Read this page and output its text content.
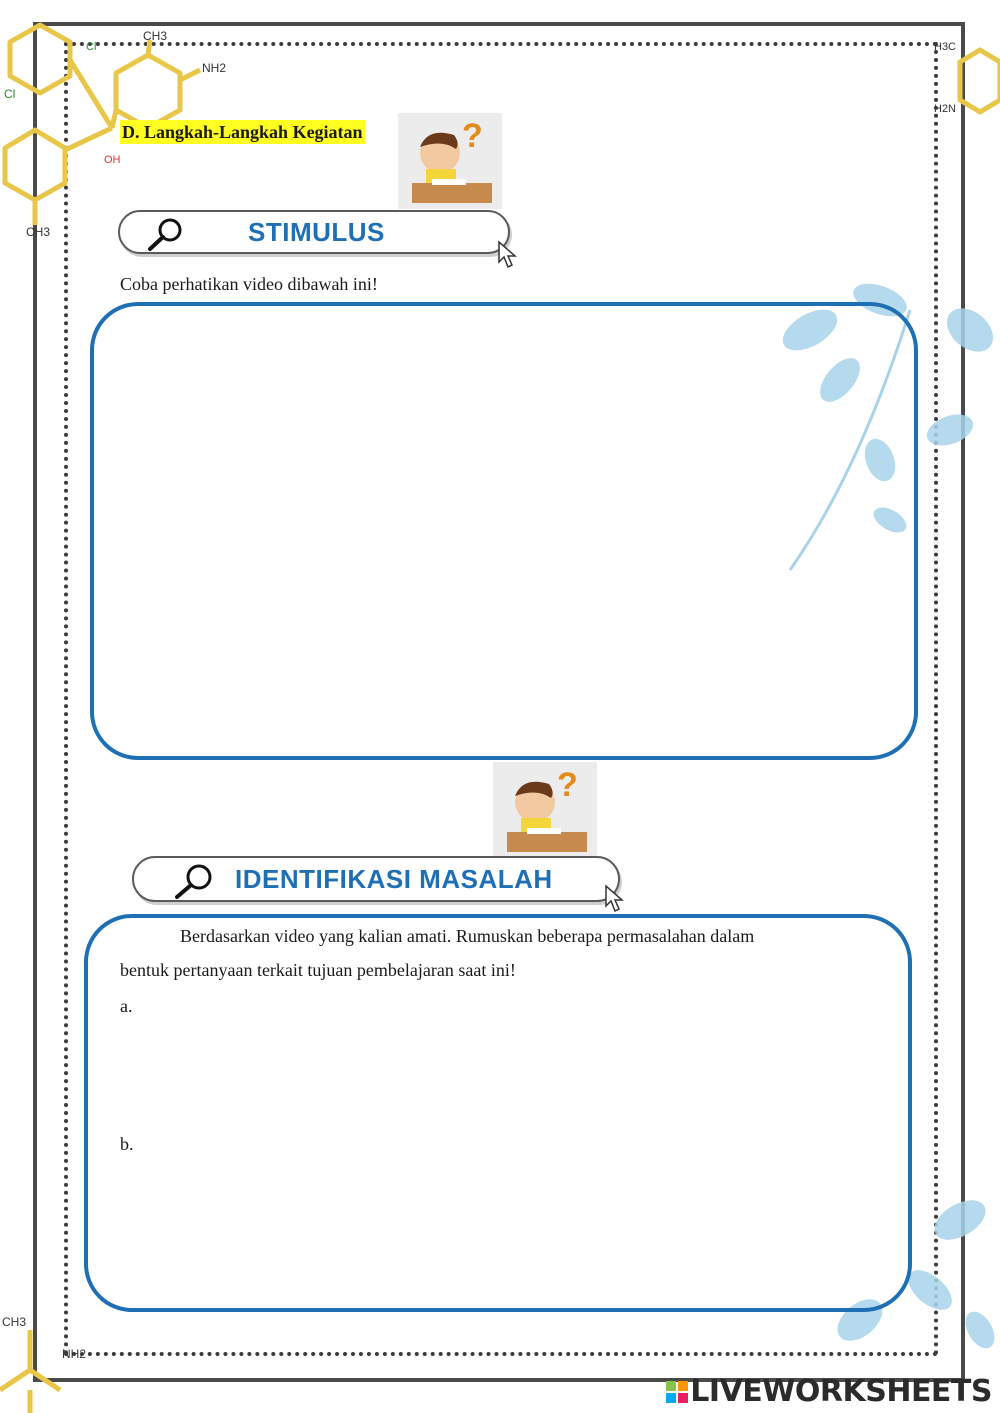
CH3
Cl
NH2
Cl
OH
CH3
H3C
H2N
CH3
NH2
D. Langkah-Langkah Kegiatan	?
STIMULUS
Coba perhatikan video dibawah ini!
?
IDENTIFIKASI MASALAH
Berdasarkan video yang kalian amati. Rumuskan beberapa permasalahan dalam
bentuk pertanyaan terkait tujuan pembelajaran saat ini!
a.
b.
LIVEWORKSHEETS
